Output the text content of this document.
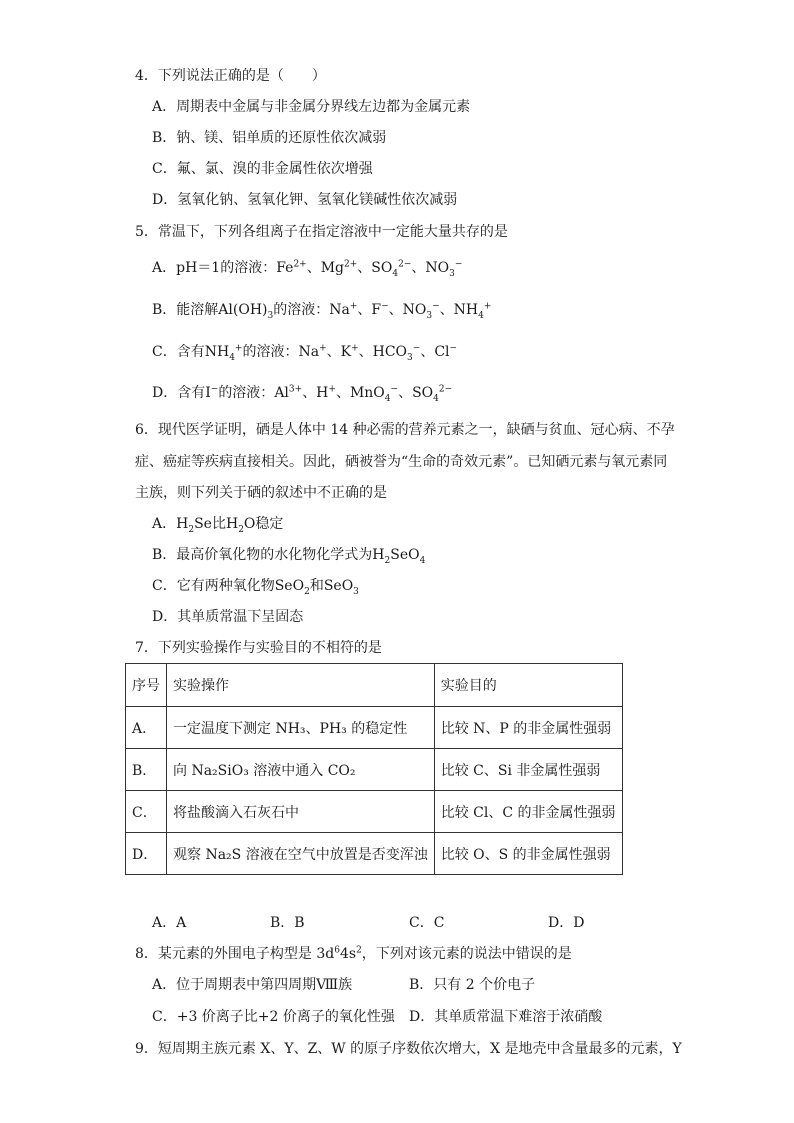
4．下列说法正确的是（　　）
A．周期表中金属与非金属分界线左边都为金属元素
B．钠、镁、铝单质的还原性依次减弱
C．氟、氯、溴的非金属性依次增强
D．氢氧化钠、氢氧化钾、氢氧化镁碱性依次减弱
5．常温下，下列各组离子在指定溶液中一定能大量共存的是
A．pH＝1的溶液：$Fe^{2+}$、$Mg^{2+}$、$SO_4^{2-}$、$NO_3^-$
B．能溶解$Al(OH)_3$的溶液：Na+、F−、$NO_3^-$、$NH_4^+$
C．含有$NH_4^+$的溶液：Na+、K+、$HCO_3^-$、Cl−
D．含有I−的溶液：$Al^{3+}$、H+、MnO$_4$−、$SO_4^{2-}$
6．现代医学证明，硒是人体中 14 种必需的营养元素之一，缺硒与贫血、冠心病、不孕
症、癌症等疾病直接相关。因此，硒被誉为“生命的奇效元素”。已知硒元素与氧元素同
主族，则下列关于硒的叙述中不正确的是
A．$H_2Se$比$H_2O$稳定
B．最高价氧化物的水化物化学式为$H_2SeO_4$
C．它有两种氧化物SeO$_2$和SeO$_3$
D．其单质常温下呈固态
7．下列实验操作与实验目的不相符的是
序号	实验操作	实验目的
A．	一定温度下测定 NH₃、PH₃ 的稳定性	比较 N、P 的非金属性强弱
B．	向 Na₂SiO₃ 溶液中通入 CO₂	比较 C、Si 非金属性强弱
C．	将盐酸滴入石灰石中	比较 Cl、C 的非金属性强弱
D．	观察 Na₂S 溶液在空气中放置是否变浑浊	比较 O、S 的非金属性强弱
A．A	B．B	C．C	D．D
8．某元素的外围电子构型是 $3d^64s^2$，下列对该元素的说法中错误的是
A．位于周期表中第四周期Ⅷ族	B．只有 2 个价电子
C．+3 价离子比+2 价离子的氧化性强 D．其单质常温下难溶于浓硝酸
9．短周期主族元素 X、Y、Z、W 的原子序数依次增大，X 是地壳中含量最多的元素，Y
